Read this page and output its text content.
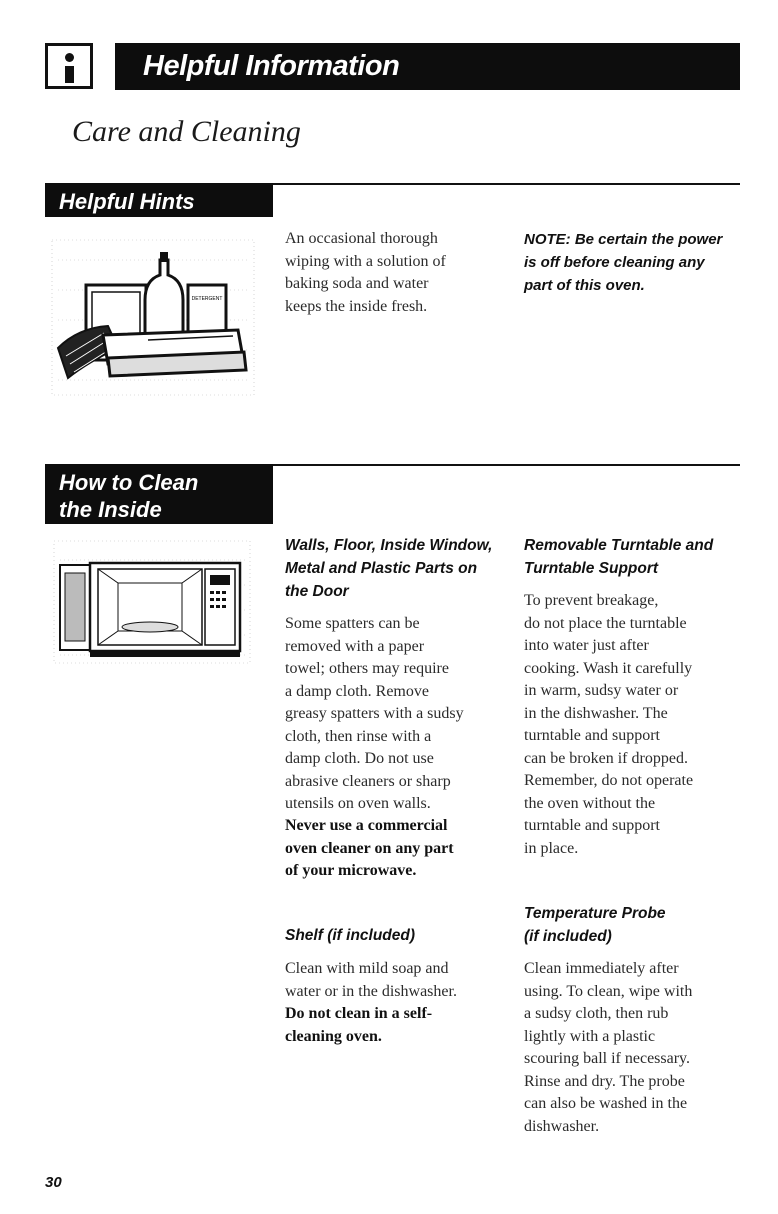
Helpful Information
Care and Cleaning
Helpful Hints
DETERGENT
An occasional thorough
wiping with a solution of
baking soda and water
keeps the inside fresh.
NOTE: Be certain the power
is off before cleaning any
part of this oven.
How to Clean
the Inside
Walls, Floor, Inside Window,
Metal and Plastic Parts on
the Door
Some spatters can be
removed with a paper
towel; others may require
a damp cloth. Remove
greasy spatters with a sudsy
cloth, then rinse with a
damp cloth. Do not use
abrasive cleaners or sharp
utensils on oven walls.
Never use a commercial
oven cleaner on any part
of your microwave.
Shelf (if included)
Clean with mild soap and
water or in the dishwasher.
Do not clean in a self-
cleaning oven.
Removable Turntable and
Turntable Support
To prevent breakage,
do not place the turntable
into water just after
cooking. Wash it carefully
in warm, sudsy water or
in the dishwasher. The
turntable and support
can be broken if dropped.
Remember, do not operate
the oven without the
turntable and support
in place.
Temperature Probe
(if included)
Clean immediately after
using. To clean, wipe with
a sudsy cloth, then rub
lightly with a plastic
scouring ball if necessary.
Rinse and dry. The probe
can also be washed in the
dishwasher.
30
